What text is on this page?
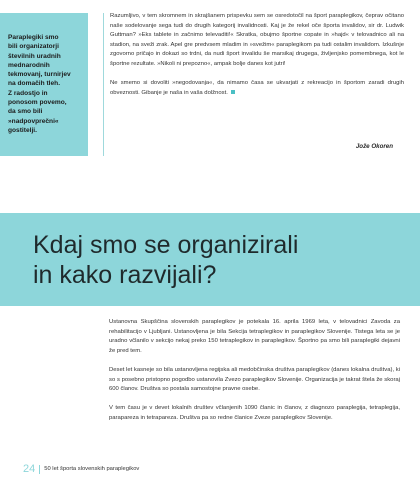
Paraplegiki smo
bili organizatorji
številnih uradnih
mednarodnih
tekmovanj, turnirjev
na domačih tleh.
Z radostjo in
ponosom povemo,
da smo bili
»nadpovprečni«
gostitelji.

Razumljivo, v tem skromnem in skrajšanem prispevku sem se osredotočil na šport paraplegikov, čeprav očitano naše sodelovanje sega tudi do drugih kategorij invalidnosti. Kaj je že rekel oče športa invalidov, sir dr. Ludwik Guttman? »Eks tablete in začnimo televaditi!« Skratka, obujmo športne copate in »hajd« v telovadnico ali na stadion, na sveži zrak. Apel gre predvsem mladim in »svežim« paraplegikom pa tudi ostalim invalidom. Izkušnje zgovorno pričajo in dokazi so trdni, da nudi šport invalidu še marsikaj drugega, življenjsko pomembnega, kot le športne rezultate. »Nikoli ni prepozno«, ampak bolje danes kot jutri!

Ne smemo si dovoliti »negodovanja«, da nimamo časa se ukvarjati z rekreacijo in športom zaradi drugih obveznosti. Gibanje je naša in vaša dolžnost.

Jože Okoren
Kdaj smo se organizirali
in kako razvijali?

Ustanovna Skupščina slovenskih paraplegikov je potekala 16. aprila 1969 leta, v telovadnici Zavoda za rehabilitacijo v Ljubljani. Ustanovljena je bila Sekcija tetraplegikov in paraplegikov Slovenije. Tistega leta se je uradno včlanilo v sekcijo nekaj preko 150 tetraplegikov in paraplegikov. Športno pa smo bili paraplegiki dejavni že pred tem.

Deset let kasneje so bila ustanovljena regijska ali medobčinska društva paraplegikov (danes lokalna društva), ki so s posebno pristopno pogodbo ustanovila Zvezo paraplegikov Slovenije. Organizacija je takrat štela že skoraj 600 članov. Društva so postala samostojne pravne osebe.

V tem času je v devet lokalnih društev včlanjenih 1090 članic in članov, z diagnozo paraplegija, tetraplegija, parapareza in tetrapareza. Društva pa so redne članice Zveze paraplegikov Slovenije.

24 50 let športa slovenskih paraplegikov
